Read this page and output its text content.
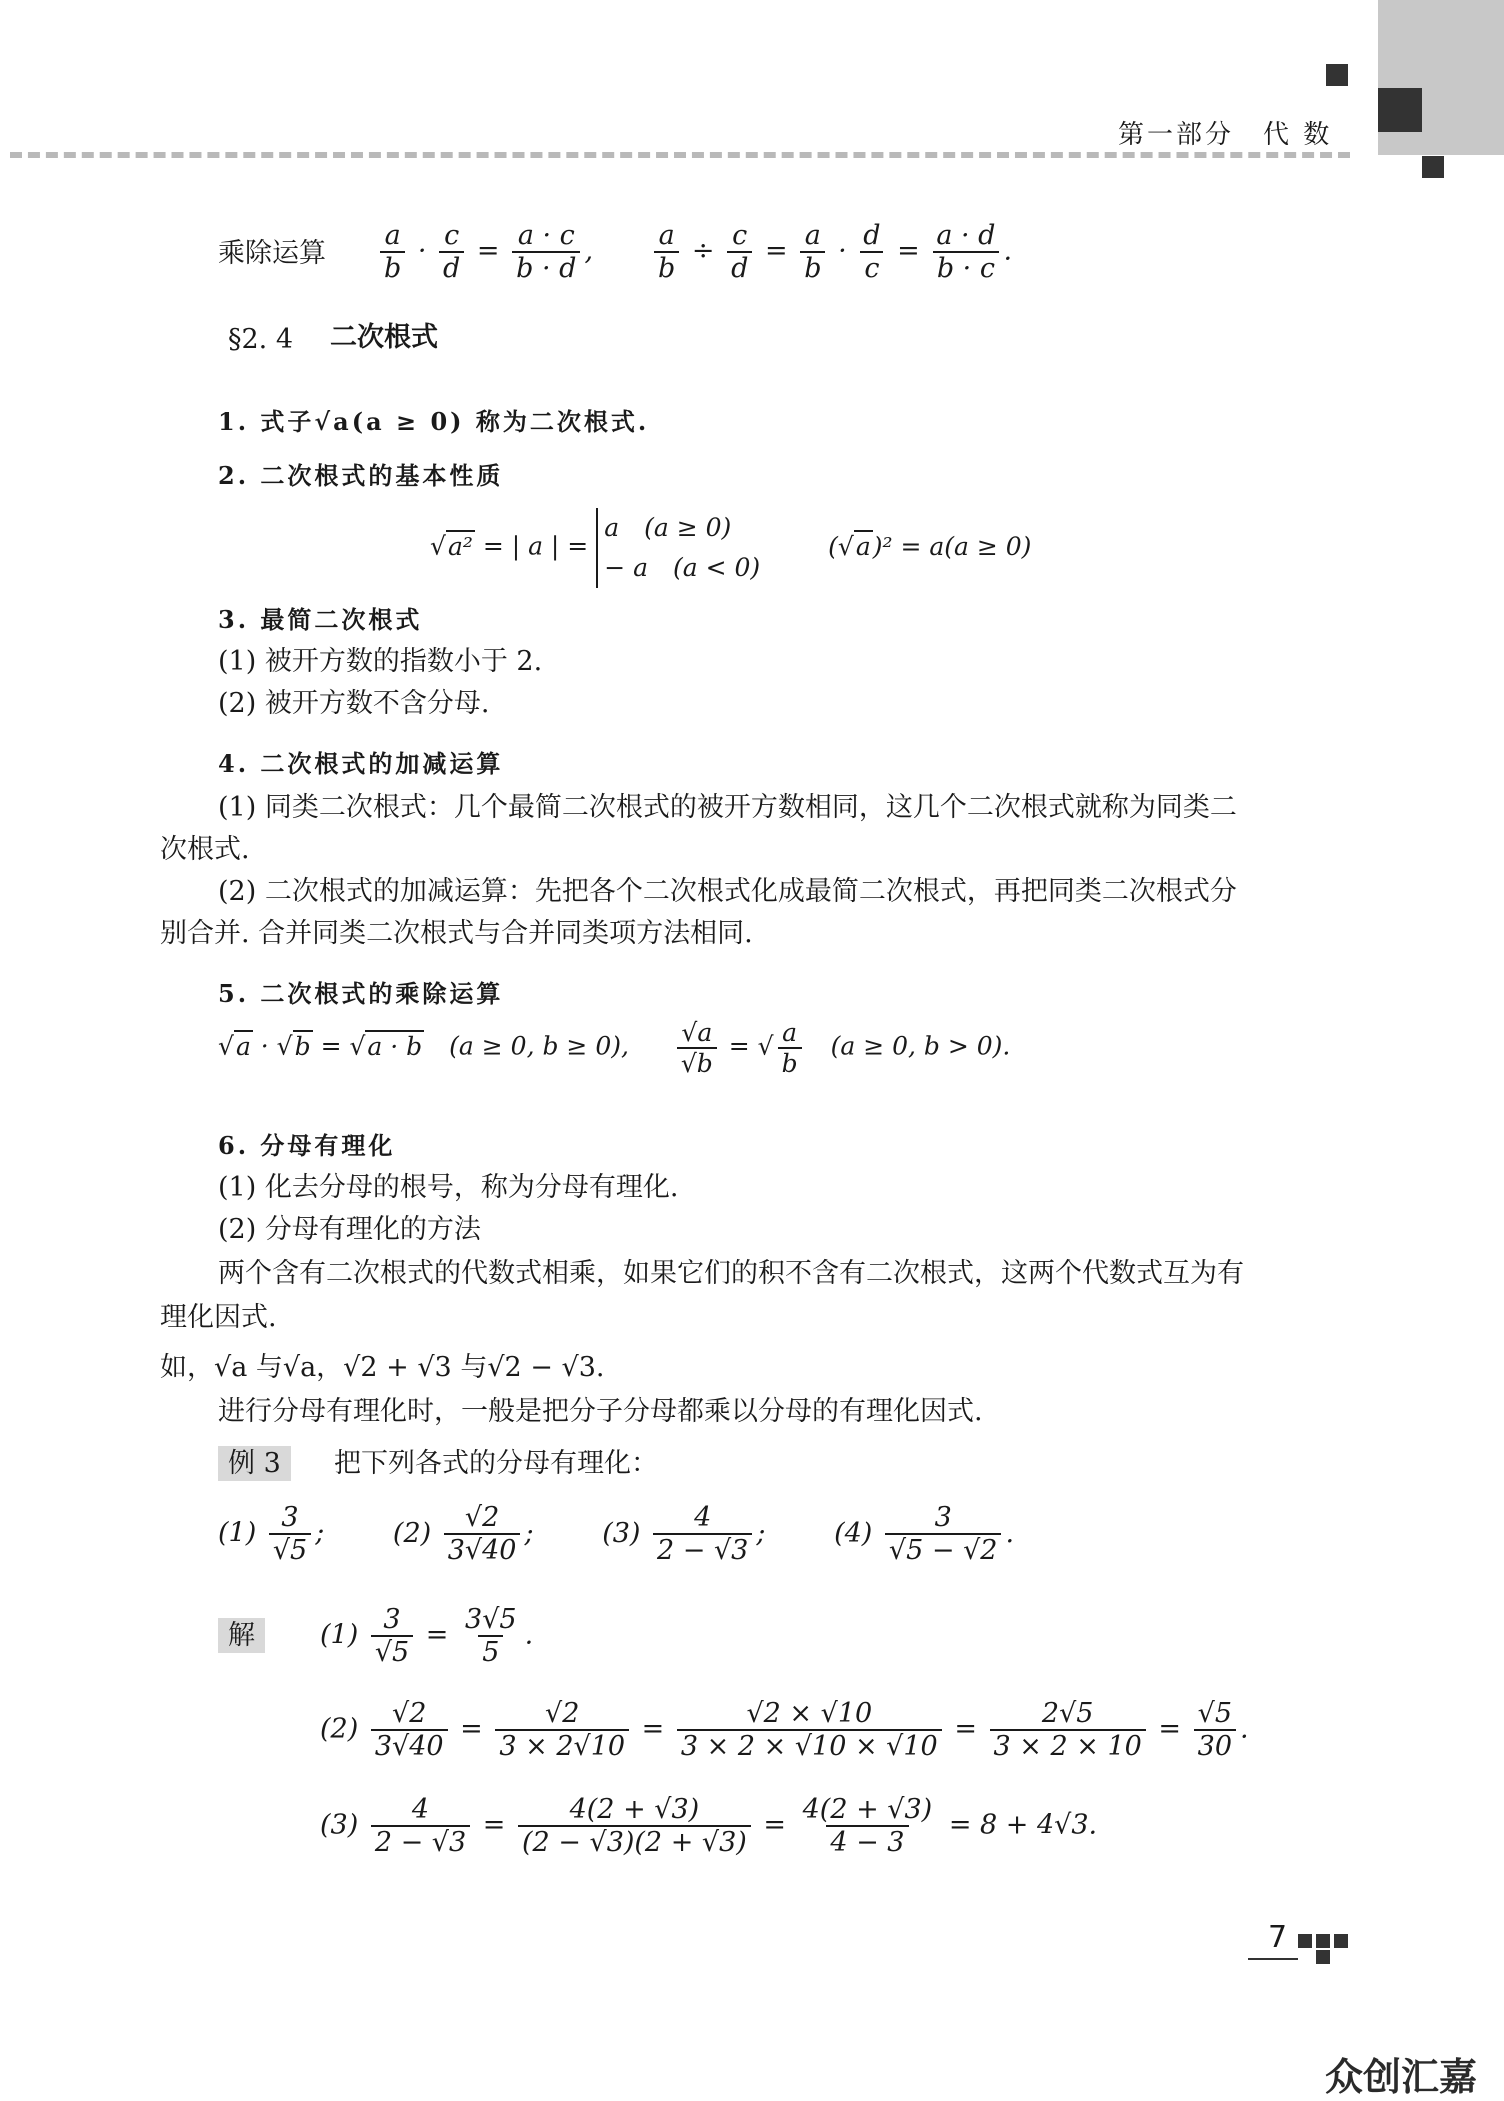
第一部分　代 数
乘除运算 $\frac{a}{b} \cdot \frac{c}{d} = \frac{a \cdot c}{b \cdot d}$ , $\frac{a}{b} \div \frac{c}{d} = \frac{a}{b} \cdot \frac{d}{c} = \frac{a \cdot d}{b \cdot c}$ .
§2. 4 二次根式
1. 式子√a(a ≥ 0) 称为二次根式.
2. 二次根式的基本性质
√a² = | a | = a　(a ≥ 0)
− a　(a < 0) (√a)² = a(a ≥ 0)
3. 最简二次根式
(1) 被开方数的指数小于 2.
(2) 被开方数不含分母.
4. 二次根式的加减运算
(1) 同类二次根式：几个最简二次根式的被开方数相同，这几个二次根式就称为同类二
次根式.
(2) 二次根式的加减运算：先把各个二次根式化成最简二次根式，再把同类二次根式分
别合并. 合并同类二次根式与合并同类项方法相同.
5. 二次根式的乘除运算
√a · √b = √a · b　(a ≥ 0, b ≥ 0), $\frac{√a}{√b}$ = √ $\frac{a}{b}$ 　(a ≥ 0, b > 0).
6. 分母有理化
(1) 化去分母的根号，称为分母有理化.
(2) 分母有理化的方法
两个含有二次根式的代数式相乘，如果它们的积不含有二次根式，这两个代数式互为有
理化因式.
如，√a 与√a，√2 + √3 与√2 − √3.
进行分母有理化时，一般是把分子分母都乘以分母的有理化因式.
例 3	把下列各式的分母有理化：
$(1) \frac{3}{√5}$ ; $(2) \frac{√2}{3√40}$ ;	$(3) \frac{4}{2 - √3}$ ;	$(4) \frac{3}{√5 - √2}$ .
解	$(1) \frac{3}{√5} = \frac{3√5}{5}$ .
$(2) \frac{√2}{3√40} = \frac{√2}{3 \times 2√10} = \frac{√2 \times √10}{3 \times 2 \times √10 \times √10} = \frac{2√5}{3 \times 2 \times 10} = \frac{√5}{30}$ .
$(3) \frac{4}{2 - √3} = \frac{4(2 + √3)}{(2 - √3)(2 + √3)} = \frac{4(2 + √3)}{4 - 3} = 8 + 4√3$.
7
众创汇嘉
